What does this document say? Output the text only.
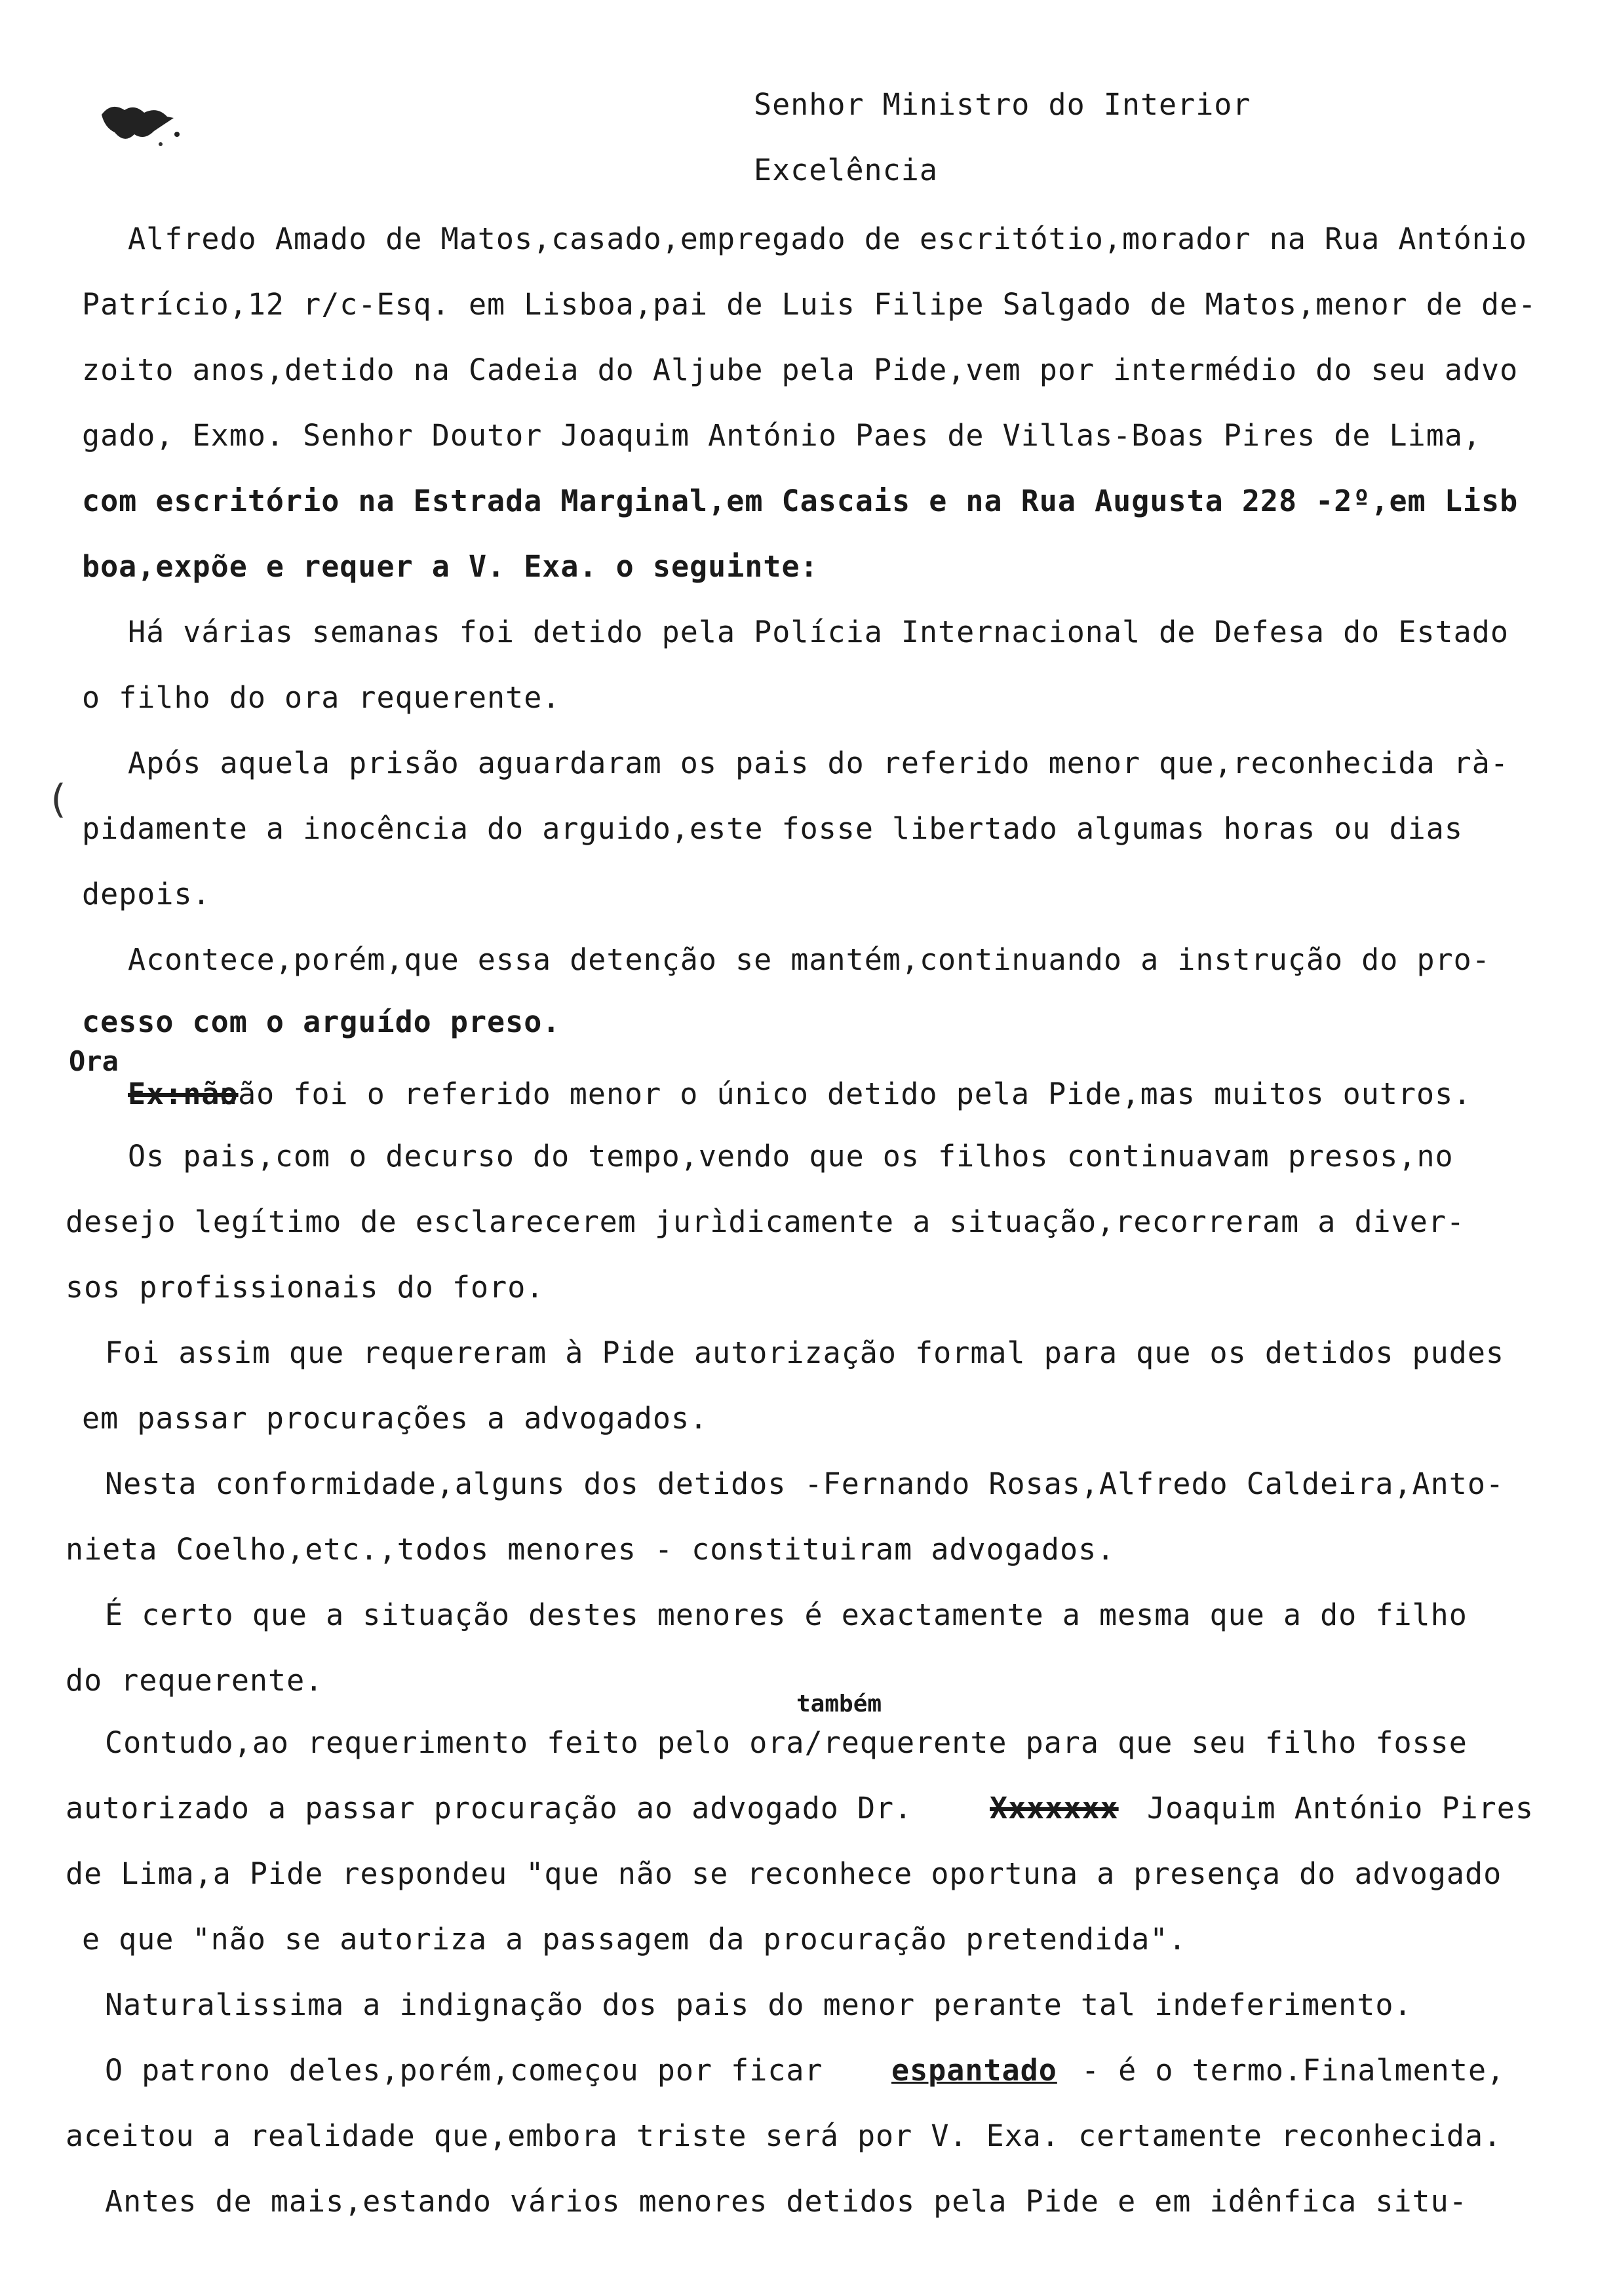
Senhor Ministro do Interior
Excelência
Alfredo Amado de Matos,casado,empregado de escritótio,morador na Rua António
Patrício,12 r/c-Esq. em Lisboa,pai de Luis Filipe Salgado de Matos,menor de de-
zoito anos,detido na Cadeia do Aljube pela Pide,vem por intermédio do seu advo
gado, Exmo. Senhor Doutor Joaquim António Paes de Villas-Boas Pires de Lima,
com escritório na Estrada Marginal,em Cascais e na Rua Augusta 228 -2º,em Lisb
boa,expõe e requer a V. Exa. o seguinte:
Há várias semanas foi detido pela Polícia Internacional de Defesa do Estado
o filho do ora requerente.
Após aquela prisão aguardaram os pais do referido menor que,reconhecida rà-
(
pidamente a inocência do arguido,este fosse libertado algumas horas ou dias
depois.
Acontece,porém,que essa detenção se mantém,continuando a instrução do pro-
cesso com o arguído preso.
Ora
Ex:não
não foi o referido menor o único detido pela Pide,mas muitos outros.
Os pais,com o decurso do tempo,vendo que os filhos continuavam presos,no
desejo legítimo de esclarecerem jurìdicamente a situação,recorreram a diver-
sos profissionais do foro.
Foi assim que requereram à Pide autorização formal para que os detidos pudes
em passar procurações a advogados.
Nesta conformidade,alguns dos detidos -Fernando Rosas,Alfredo Caldeira,Anto-
nieta Coelho,etc.,todos menores - constituiram advogados.
É certo que a situação destes menores é exactamente a mesma que a do filho
do requerente.
também
Contudo,ao requerimento feito pelo ora/requerente para que seu filho fosse
autorizado a passar procuração ao advogado Dr.	Xxxxxxx Joaquim António Pires
de Lima,a Pide respondeu "que não se reconhece oportuna a presença do advogado
e que "não se autoriza a passagem da procuração pretendida".
Naturalissima a indignação dos pais do menor perante tal indeferimento.
O patrono deles,porém,começou por ficar espantado - é o termo.Finalmente,
aceitou a realidade que,embora triste será por V. Exa. certamente reconhecida.
Antes de mais,estando vários menores detidos pela Pide e em idênfica situ-
